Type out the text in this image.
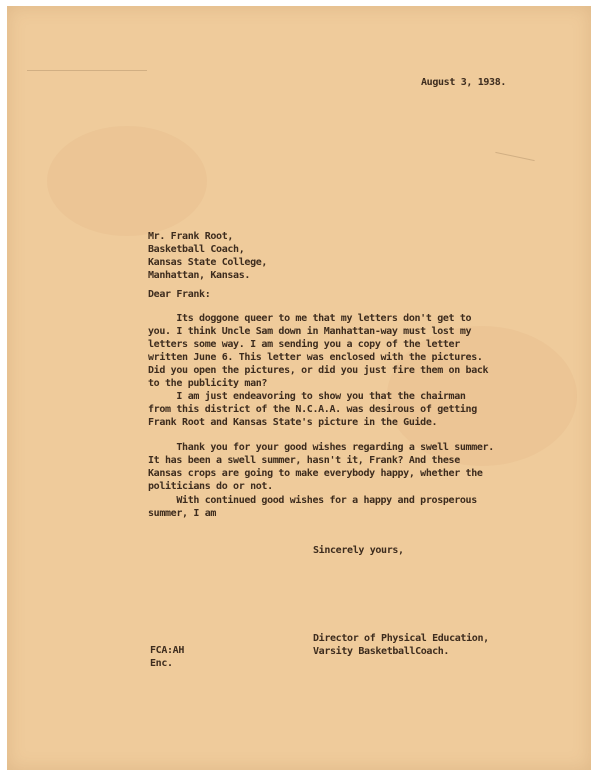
August 3, 1938.
Mr. Frank Root,
Basketball Coach,
Kansas State College,
Manhattan, Kansas.
Dear Frank:
Its doggone queer to me that my letters don't get to
you. I think Uncle Sam down in Manhattan-way must lost my
letters some way. I am sending you a copy of the letter
written June 6. This letter was enclosed with the pictures.
Did you open the pictures, or did you just fire them on back
to the publicity man?
I am just endeavoring to show you that the chairman
from this district of the N.C.A.A. was desirous of getting
Frank Root and Kansas State's picture in the Guide.
Thank you for your good wishes regarding a swell summer.
It has been a swell summer, hasn't it, Frank? And these
Kansas crops are going to make everybody happy, whether the
politicians do or not.
With continued good wishes for a happy and prosperous
summer, I am
Sincerely yours,
Director of Physical Education,
Varsity BasketballCoach.
FCA:AH
Enc.
